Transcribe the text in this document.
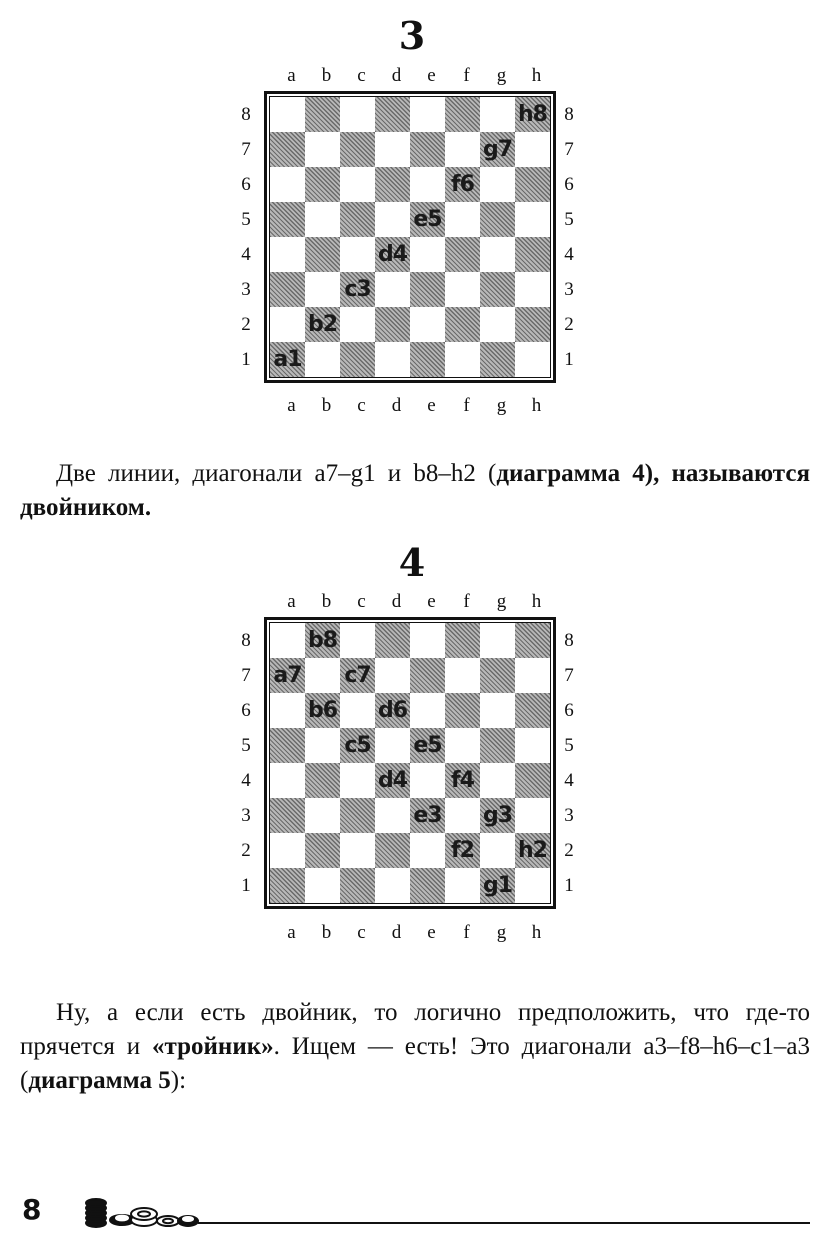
3
a	b	c	d	e	f	g	h
8
7
6
5
4
3
2
1
h8
g7
f6
e5
d4
c3
b2
a1
8
7
6
5
4
3
2
1
a	b	c	d	e	f	g	h

Две линии, диагонали a7–g1 и b8–h2 (диаграмма 4), называются двойником.

4
a	b	c	d	e	f	g	h
8
7
6
5
4
3
2
1
b8
a7 c7
b6 d6
c5 e5
d4 f4
e3 g3
f2 h2
g1
8
7
6
5
4
3
2
1
a	b	c	d	e	f	g	h

Ну, а если есть двойник, то логично предположить, что где-то прячется и «тройник». Ищем — есть! Это диагонали a3–f8–h6–c1–a3 (диаграмма 5):

8
